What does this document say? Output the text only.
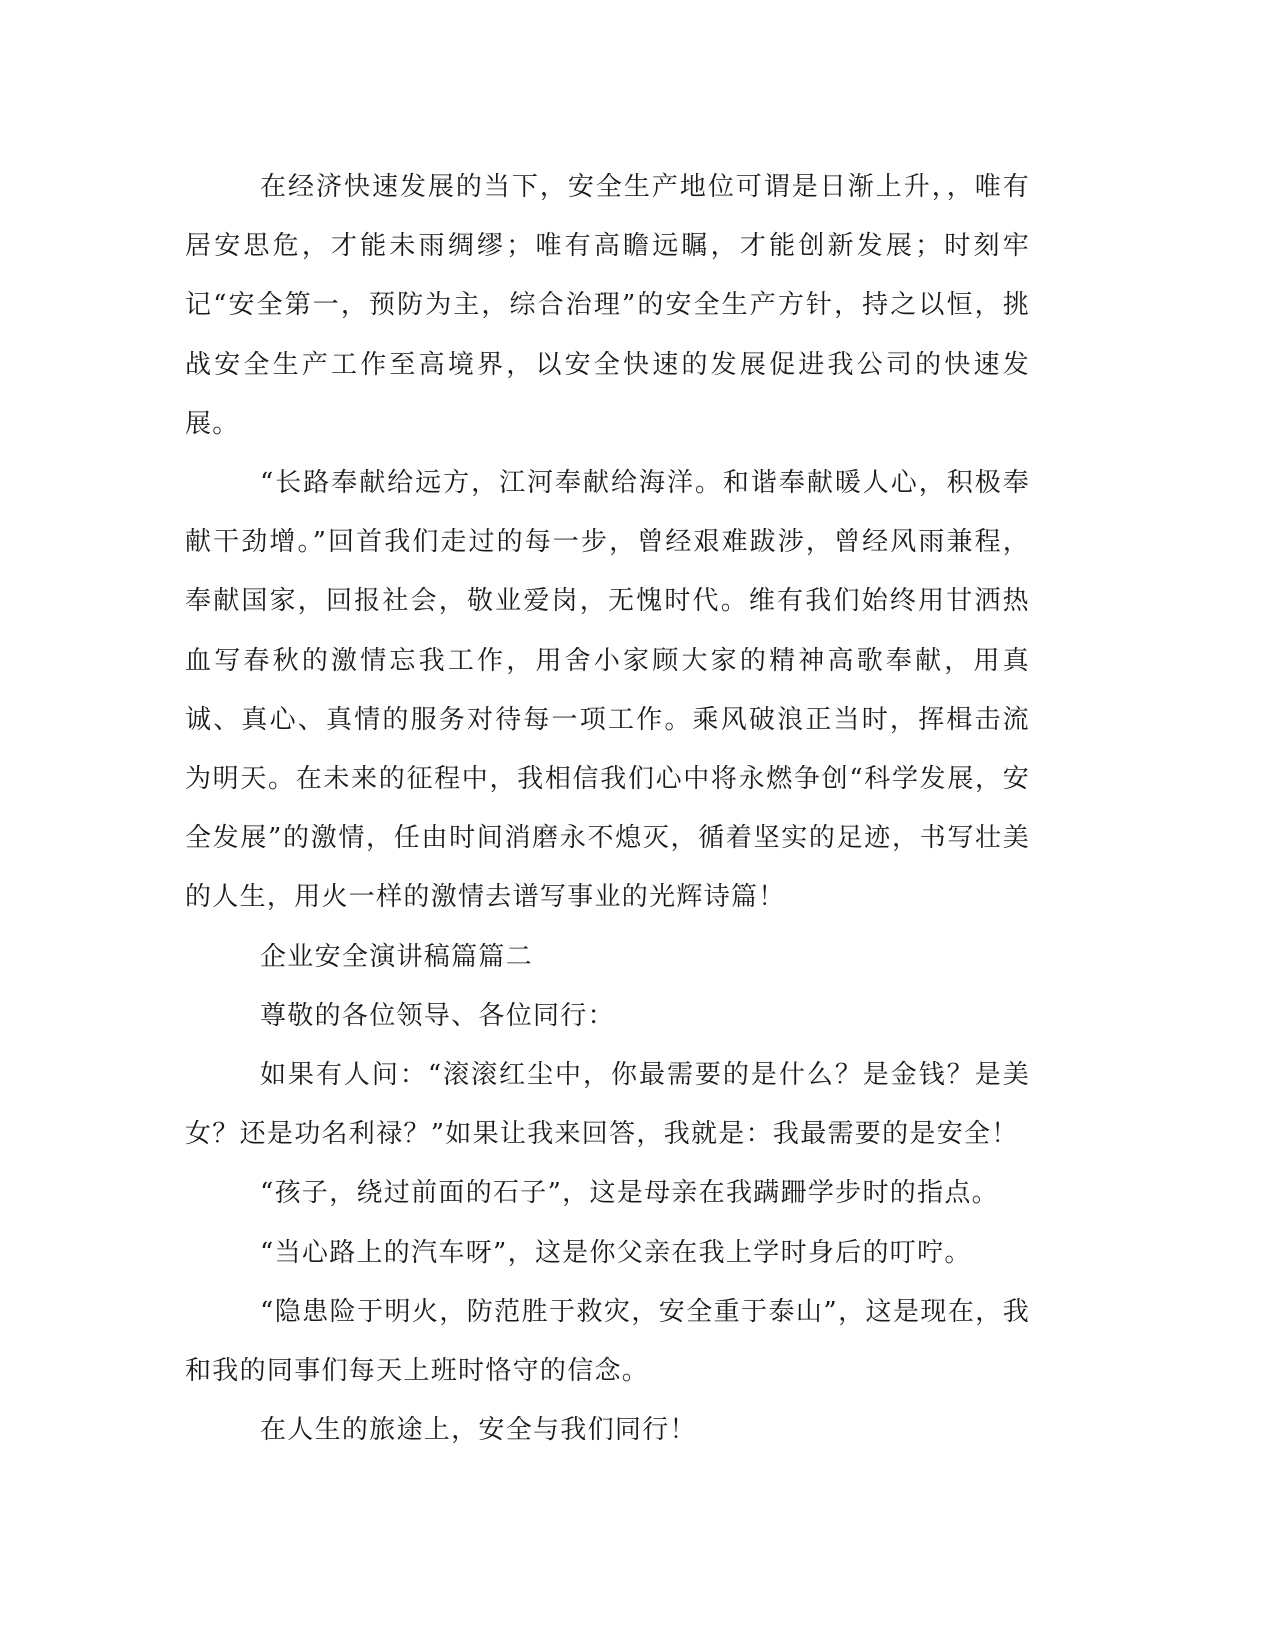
在经济快速发展的当下，安全生产地位可谓是日渐上升，，唯有居安思危，才能未雨绸缪；唯有高瞻远瞩，才能创新发展；时刻牢记“安全第一，预防为主，综合治理”的安全生产方针，持之以恒，挑战安全生产工作至高境界，以安全快速的发展促进我公司的快速发展。

“长路奉献给远方，江河奉献给海洋。和谐奉献暖人心，积极奉献干劲增。”回首我们走过的每一步，曾经艰难跋涉，曾经风雨兼程，奉献国家，回报社会，敬业爱岗，无愧时代。维有我们始终用甘洒热血写春秋的激情忘我工作，用舍小家顾大家的精神高歌奉献，用真诚、真心、真情的服务对待每一项工作。乘风破浪正当时，挥楫击流为明天。在未来的征程中，我相信我们心中将永燃争创“科学发展，安全发展”的激情，任由时间消磨永不熄灭，循着坚实的足迹，书写壮美的人生，用火一样的激情去谱写事业的光辉诗篇！

企业安全演讲稿篇篇二

尊敬的各位领导、各位同行：

如果有人问：“滚滚红尘中，你最需要的是什么？是金钱？是美女？还是功名利禄？”如果让我来回答，我就是：我最需要的是安全！

“孩子，绕过前面的石子”，这是母亲在我蹒跚学步时的指点。

“当心路上的汽车呀”，这是你父亲在我上学时身后的叮咛。

“隐患险于明火，防范胜于救灾，安全重于泰山”，这是现在，我和我的同事们每天上班时恪守的信念。

在人生的旅途上，安全与我们同行！
